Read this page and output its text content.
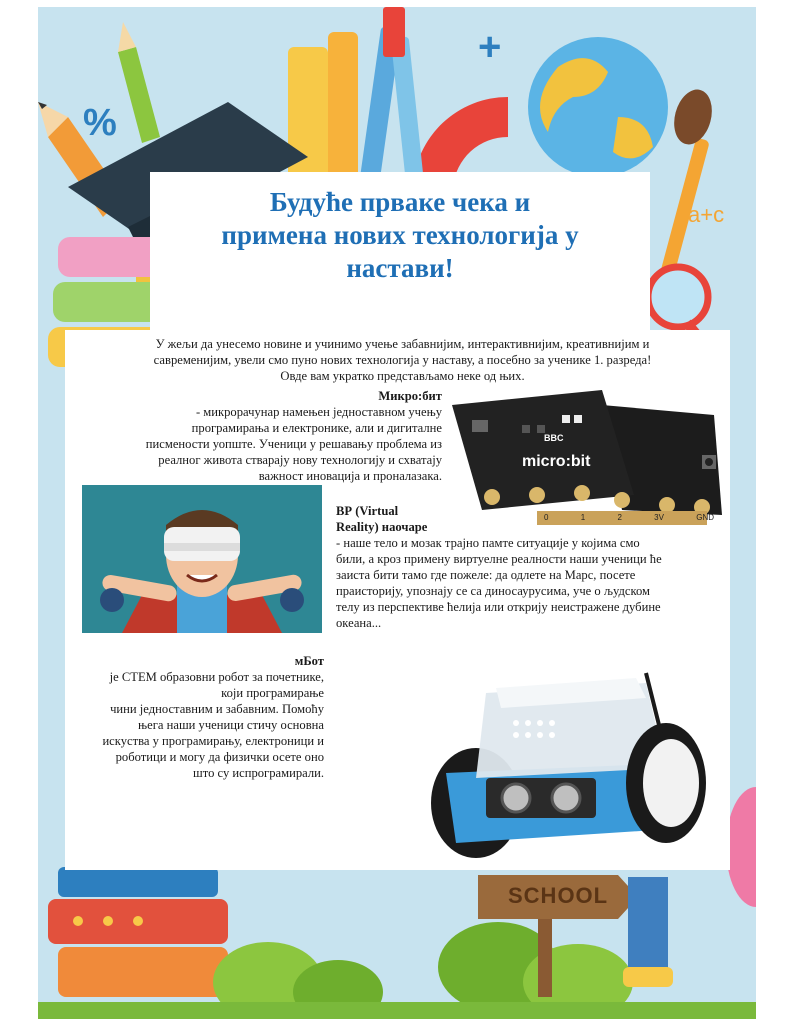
%
+
a+c
SCHOOL
Будуће прваке чека и
примена нових технологија у
настави!

У жељи да унесемо новине и учинимо учење забавнијим, интерактивнијим, креативнијим и
савременијим, увели смо пуно нових технологија у наставу, а посебно за ученике 1. разреда!
Овде вам укратко представљамо неке од њих.

Микро:бит
- микрорачунар намењен једноставном учењу
програмирања и електронике, али и дигиталне
писмености уопште. Ученици у решавању проблема из
реалног живота стварају нову технологију и схватају
важност иновација и проналазака.
BBC
micro:bit
0	1	2	3V	GND
ВР (Virtual
Reality) наочаре
- наше тело и мозак трајно памте ситуације у којима смо
били, а кроз примену виртуелне реалности наши ученици ће
заиста бити тамо где пожеле: да одлете на Марс, посете
праисторију, упознају се са диносаурусима, уче о људском
телу из перспективе ћелија или открију неистражене дубине
океана...
мБот
је СТЕМ образовни робот за почетнике,
који програмирање
чини једноставним и забавним. Помоћу
њега наши ученици стичу основна
искуства у програмирању, електроници и
роботици и могу да физички осете оно
што су испрограмирали.
